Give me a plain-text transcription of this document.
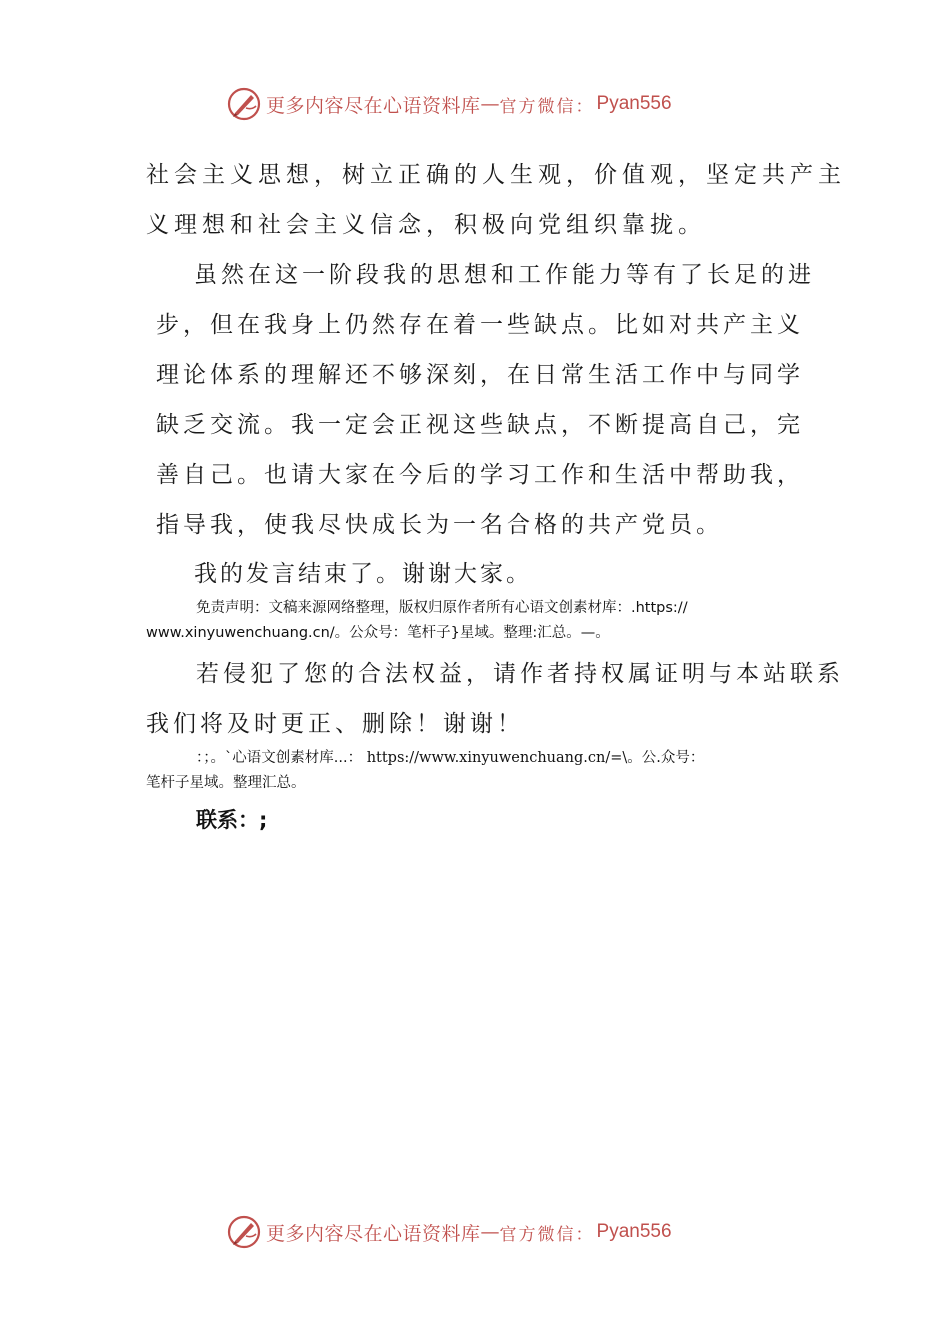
更多内容尽在心语资料库 — 官方微信： Pyan556
社会主义思想，树立正确的人生观，价值观，坚定共产主
义理想和社会主义信念，积极向党组织靠拢。
虽然在这一阶段我的思想和工作能力等有了长足的进
步，但在我身上仍然存在着一些缺点。比如对共产主义
理论体系的理解还不够深刻，在日常生活工作中与同学
缺乏交流。我一定会正视这些缺点，不断提高自己，完
善自己。也请大家在今后的学习工作和生活中帮助我，
指导我，使我尽快成长为一名合格的共产党员。
我的发言结束了。谢谢大家。
免责声明：文稿来源网络整理，版权归原作者所有心语文创素材库：.https://
www.xinyuwenchuang.cn/。公众号：笔杆子}星域。整理:汇总。—。
若侵犯了您的合法权益，请作者持权属证明与本站联系
我们将及时更正、删除！谢谢！
：；。`心语文创素材库...： https://www.xinyuwenchuang.cn/=\。公.众号：
笔杆子星域。整理汇总。
联系：;
更多内容尽在心语资料库 — 官方微信： Pyan556
